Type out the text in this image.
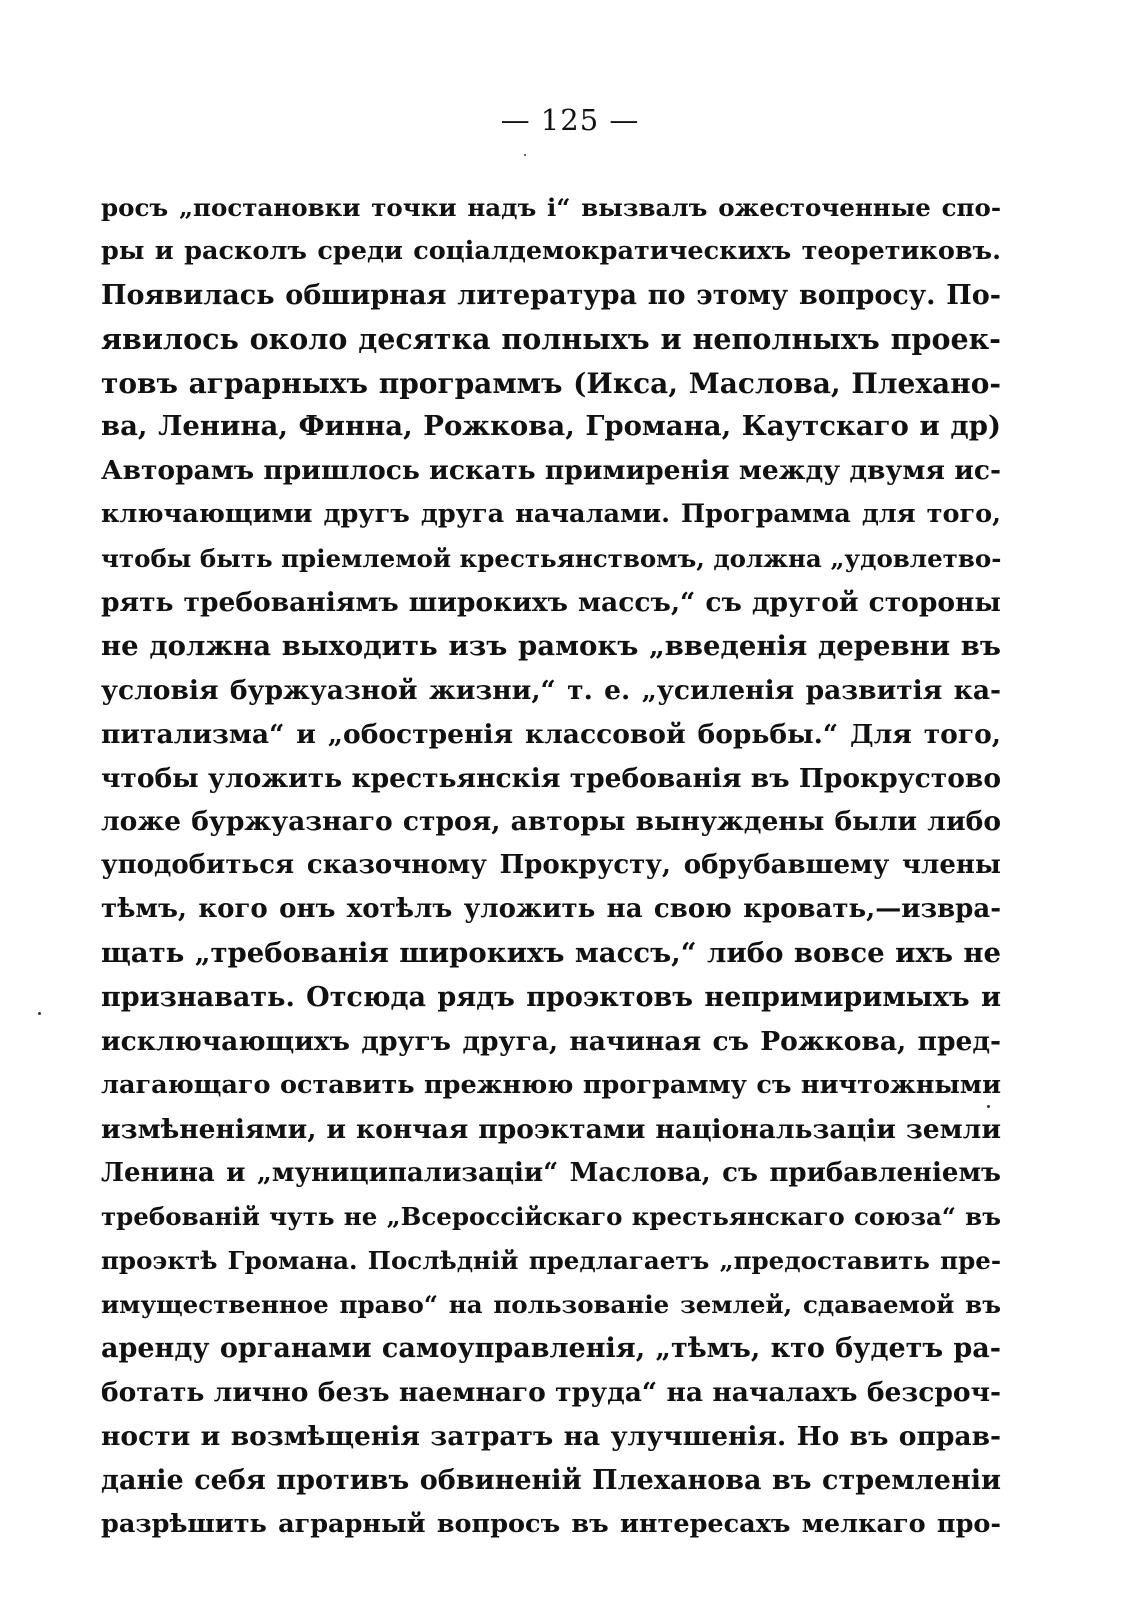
— 125 —
росъ „постановки точки надъ i“ вызвалъ ожесточенные спо-
ры и расколъ среди соціалдемократическихъ теоретиковъ.
Появилась обширная литература по этому вопросу. По-
явилось около десятка полныхъ и неполныхъ проек-
товъ аграрныхъ программъ (Икса, Маслова, Плехано-
ва, Ленина, Финна, Рожкова, Громана, Каутскаго и др)
Авторамъ пришлось искать примиренія между двумя ис-
ключающими другъ друга началами. Программа для того,
чтобы быть пріемлемой крестьянствомъ, должна „удовлетво-
рять требованіямъ широкихъ массъ,“ съ другой стороны
не должна выходить изъ рамокъ „введенія деревни въ
условія буржуазной жизни,“ т. е. „усиленія развитія ка-
питализма“ и „обостренія классовой борьбы.“ Для того,
чтобы уложить крестьянскія требованія въ Прокрустово
ложе буржуазнаго строя, авторы вынуждены были либо
уподобиться сказочному Прокрусту, обрубавшему члены
тѣмъ, кого онъ хотѣлъ уложить на свою кровать,—извра-
щать „требованія широкихъ массъ,“ либо вовсе ихъ не
признавать. Отсюда рядъ проэктовъ непримиримыхъ и
исключающихъ другъ друга, начиная съ Рожкова, пред-
лагающаго оставить прежнюю программу съ ничтожными
измѣненіями, и кончая проэктами національзаціи земли
Ленина и „муниципализаціи“ Маслова, съ прибавленіемъ
требованій чуть не „Всероссійскаго крестьянскаго союза“ въ
проэктѣ Громана. Послѣдній предлагаетъ „предоставить пре-
имущественное право“ на пользованіе землей, сдаваемой въ
аренду органами самоуправленія, „тѣмъ, кто будетъ ра-
ботать лично безъ наемнаго труда“ на началахъ безсроч-
ности и возмѣщенія затратъ на улучшенія. Но въ оправ-
даніе себя противъ обвиненій Плеханова въ стремленіи
разрѣшить аграрный вопросъ въ интересахъ мелкаго про-
